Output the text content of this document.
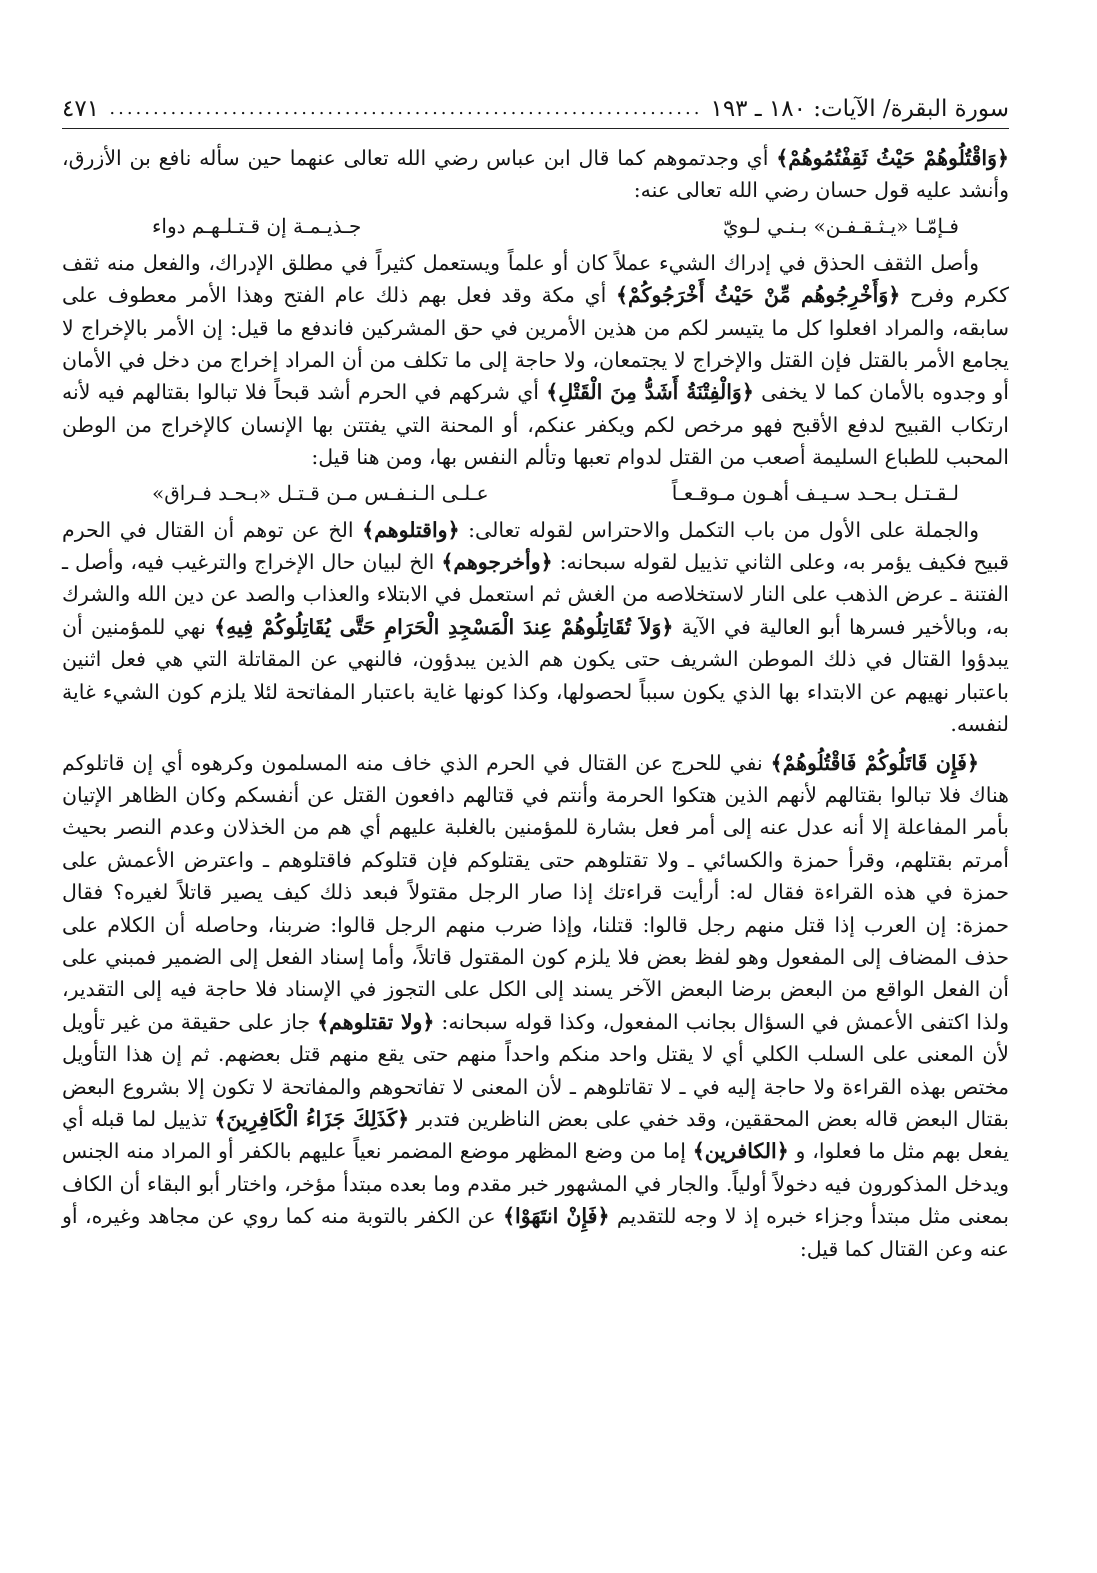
سورة البقرة/ الآيات: ١٨٠ ـ ١٩٣
.....
٤٧١

﴿وَاقْتُلُوهُمْ حَيْثُ ثَقِفْتُمُوهُمْ﴾ أي وجدتموهم كما قال ابن عباس رضي الله تعالى عنهما حين سأله نافع بن الأزرق، وأنشد عليه قول حسان رضي الله تعالى عنه:

فـإمّـا «يـثـقـفـن» بـنـي لـويّ
جـذيـمـة إن قـتـلـهـم دواء

وأصل الثقف الحذق في إدراك الشيء عملاً كان أو علماً ويستعمل كثيراً في مطلق الإدراك، والفعل منه ثقف ككرم وفرح ﴿وَأَخْرِجُوهُم مِّنْ حَيْثُ أَخْرَجُوكُمْ﴾ أي مكة وقد فعل بهم ذلك عام الفتح وهذا الأمر معطوف على سابقه، والمراد افعلوا كل ما يتيسر لكم من هذين الأمرين في حق المشركين فاندفع ما قيل: إن الأمر بالإخراج لا يجامع الأمر بالقتل فإن القتل والإخراج لا يجتمعان، ولا حاجة إلى ما تكلف من أن المراد إخراج من دخل في الأمان أو وجدوه بالأمان كما لا يخفى ﴿وَالْفِتْنَةُ أَشَدُّ مِنَ الْقَتْلِ﴾ أي شركهم في الحرم أشد قبحاً فلا تبالوا بقتالهم فيه لأنه ارتكاب القبيح لدفع الأقبح فهو مرخص لكم ويكفر عنكم، أو المحنة التي يفتتن بها الإنسان كالإخراج من الوطن المحبب للطباع السليمة أصعب من القتل لدوام تعبها وتألم النفس بها، ومن هنا قيل:

لـقـتـل بـحـد سـيـف أهـون مـوقـعـاً
عـلـى الـنـفـس مـن قـتـل «بـحـد فـراق»

والجملة على الأول من باب التكمل والاحتراس لقوله تعالى: ﴿واقتلوهم﴾ الخ عن توهم أن القتال في الحرم قبيح فكيف يؤمر به، وعلى الثاني تذييل لقوله سبحانه: ﴿وأخرجوهم﴾ الخ لبيان حال الإخراج والترغيب فيه، وأصل ـ الفتنة ـ عرض الذهب على النار لاستخلاصه من الغش ثم استعمل في الابتلاء والعذاب والصد عن دين الله والشرك به، وبالأخير فسرها أبو العالية في الآية ﴿وَلاَ تُقَاتِلُوهُمْ عِندَ الْمَسْجِدِ الْحَرَامِ حَتَّى يُقَاتِلُوكُمْ فِيهِ﴾ نهي للمؤمنين أن يبدؤوا القتال في ذلك الموطن الشريف حتى يكون هم الذين يبدؤون، فالنهي عن المقاتلة التي هي فعل اثنين باعتبار نهيهم عن الابتداء بها الذي يكون سبباً لحصولها، وكذا كونها غاية باعتبار المفاتحة لئلا يلزم كون الشيء غاية لنفسه.

﴿فَإِن قَاتَلُوكُمْ فَاقْتُلُوهُمْ﴾ نفي للحرج عن القتال في الحرم الذي خاف منه المسلمون وكرهوه أي إن قاتلوكم هناك فلا تبالوا بقتالهم لأنهم الذين هتكوا الحرمة وأنتم في قتالهم دافعون القتل عن أنفسكم وكان الظاهر الإتيان بأمر المفاعلة إلا أنه عدل عنه إلى أمر فعل بشارة للمؤمنين بالغلبة عليهم أي هم من الخذلان وعدم النصر بحيث أمرتم بقتلهم، وقرأ حمزة والكسائي ـ ولا تقتلوهم حتى يقتلوكم فإن قتلوكم فاقتلوهم ـ واعترض الأعمش على حمزة في هذه القراءة فقال له: أرأيت قراءتك إذا صار الرجل مقتولاً فبعد ذلك كيف يصير قاتلاً لغيره؟ فقال حمزة: إن العرب إذا قتل منهم رجل قالوا: قتلنا، وإذا ضرب منهم الرجل قالوا: ضربنا، وحاصله أن الكلام على حذف المضاف إلى المفعول وهو لفظ بعض فلا يلزم كون المقتول قاتلاً، وأما إسناد الفعل إلى الضمير فمبني على أن الفعل الواقع من البعض برضا البعض الآخر يسند إلى الكل على التجوز في الإسناد فلا حاجة فيه إلى التقدير، ولذا اكتفى الأعمش في السؤال بجانب المفعول، وكذا قوله سبحانه: ﴿ولا تقتلوهم﴾ جاز على حقيقة من غير تأويل لأن المعنى على السلب الكلي أي لا يقتل واحد منكم واحداً منهم حتى يقع منهم قتل بعضهم. ثم إن هذا التأويل مختص بهذه القراءة ولا حاجة إليه في ـ لا تقاتلوهم ـ لأن المعنى لا تفاتحوهم والمفاتحة لا تكون إلا بشروع البعض بقتال البعض قاله بعض المحققين، وقد خفي على بعض الناظرين فتدبر ﴿كَذَلِكَ جَزَاءُ الْكَافِرِينَ﴾ تذييل لما قبله أي يفعل بهم مثل ما فعلوا، و ﴿الكافرين﴾ إما من وضع المظهر موضع المضمر نعياً عليهم بالكفر أو المراد منه الجنس ويدخل المذكورون فيه دخولاً أولياً. والجار في المشهور خبر مقدم وما بعده مبتدأ مؤخر، واختار أبو البقاء أن الكاف بمعنى مثل مبتدأ وجزاء خبره إذ لا وجه للتقديم ﴿فَإِنْ انتَهَوْا﴾ عن الكفر بالتوبة منه كما روي عن مجاهد وغيره، أو عنه وعن القتال كما قيل:
